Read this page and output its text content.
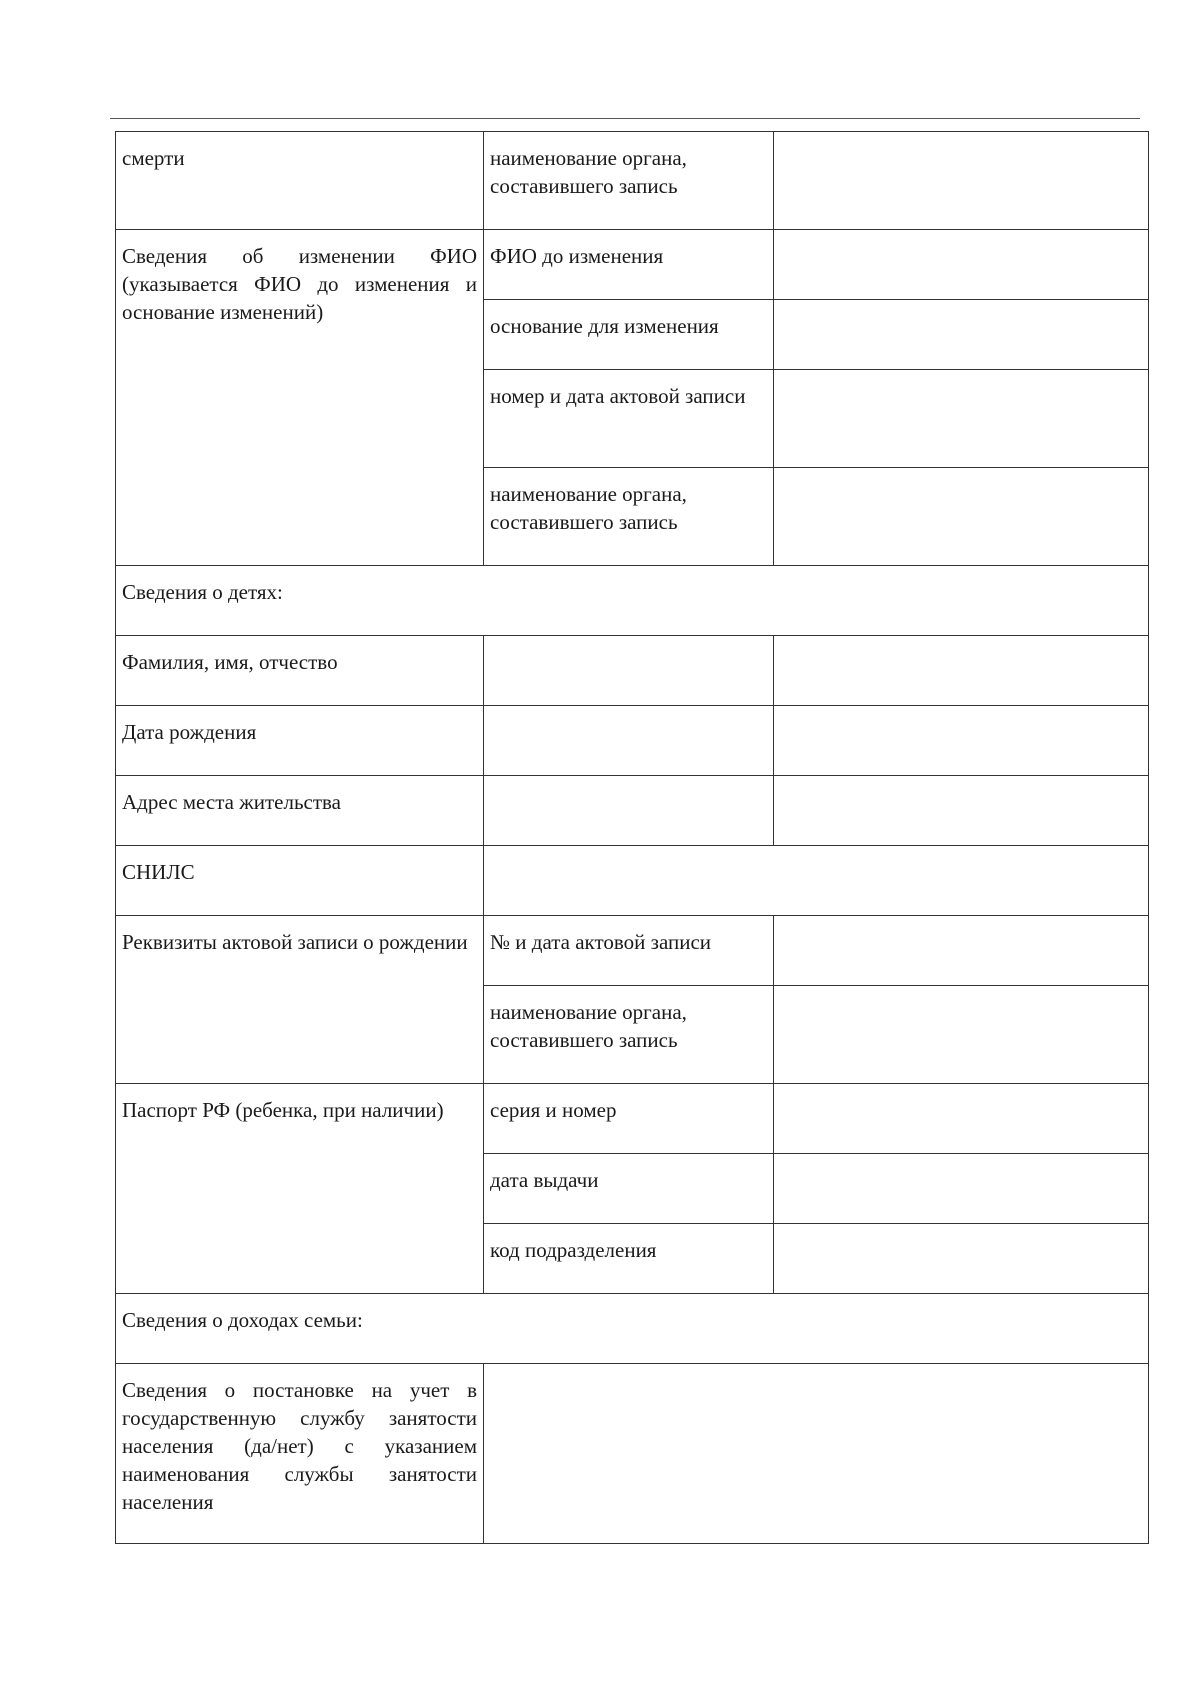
смерти	наименование органа, составившего запись	
Сведения об изменении ФИО (указывается ФИО до изменения и основание изменений)	ФИО до изменения	
	основание для изменения	
	номер и дата актовой записи	
	наименование органа, составившего запись	
Сведения о детях:		
Фамилия, имя, отчество		
Дата рождения		
Адрес места жительства		
СНИЛС		
Реквизиты актовой записи о рождении	№ и дата актовой записи	
	наименование органа, составившего запись	
Паспорт РФ (ребенка, при наличии)	серия и номер	
	дата выдачи	
	код подразделения	
Сведения о доходах семьи:		
Сведения о постановке на учет в государственную службу занятости населения (да/нет) с указанием наименования службы занятости населения		
